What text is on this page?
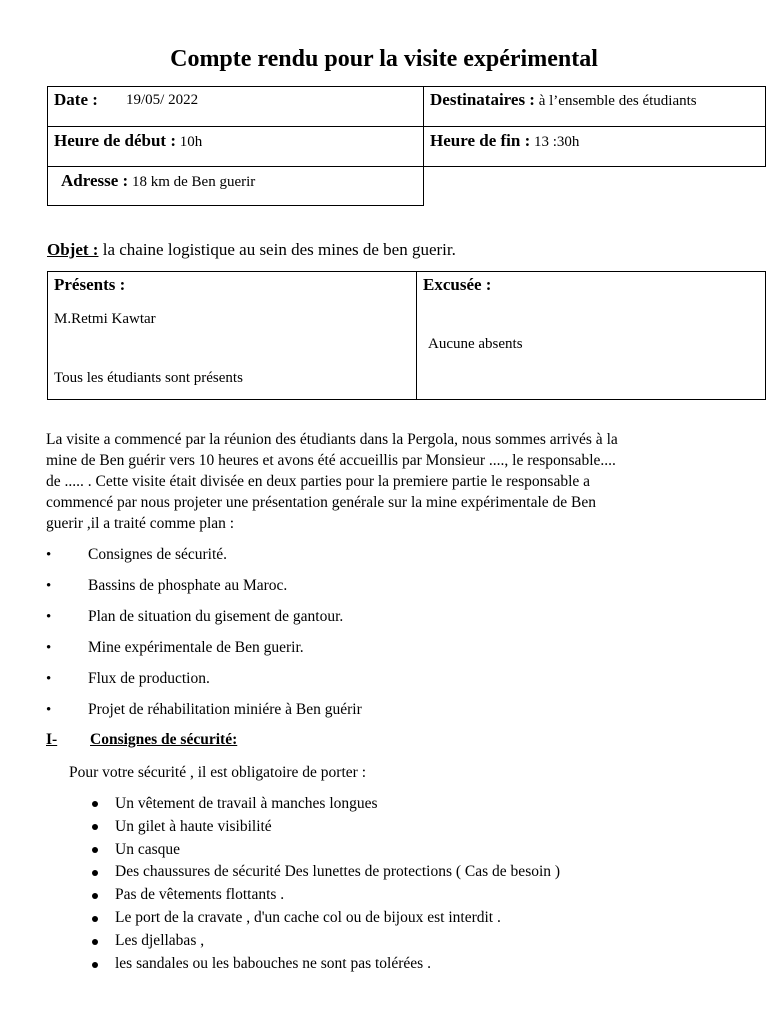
Compte rendu pour la visite expérimental
Date : 19/05/ 2022	Destinataires : à l’ensemble des étudiants
Heure de début : 10h	Heure de fin : 13 :30h
Adresse : 18 km de Ben guerir
Objet : la chaine logistique au sein des mines de ben guerir.
Présents :
M.Retmi Kawtar
Tous les étudiants sont présents
Excusée :
Aucune absents
La visite a commencé par la réunion des étudiants dans la Pergola, nous sommes arrivés à la
mine de Ben guérir vers 10 heures et avons été accueillis par Monsieur ...., le responsable....
de ..... . Cette visite était divisée en deux parties pour la premiere partie le responsable a
commencé par nous projeter une présentation genérale sur la mine expérimentale de Ben
guerir ,il a traité comme plan :
• Consignes de sécurité.
• Bassins de phosphate au Maroc.
• Plan de situation du gisement de gantour.
• Mine expérimentale de Ben guerir.
• Flux de production.
• Projet de réhabilitation miniére à Ben guérir
I- Consignes de sécurité:
Pour votre sécurité , il est obligatoire de porter :
Un vêtement de travail à manches longues
Un gilet à haute visibilité
Un casque
Des chaussures de sécurité Des lunettes de protections ( Cas de besoin )
Pas de vêtements flottants .
Le port de la cravate , d'un cache col ou de bijoux est interdit .
Les djellabas ,
les sandales ou les babouches ne sont pas tolérées .
